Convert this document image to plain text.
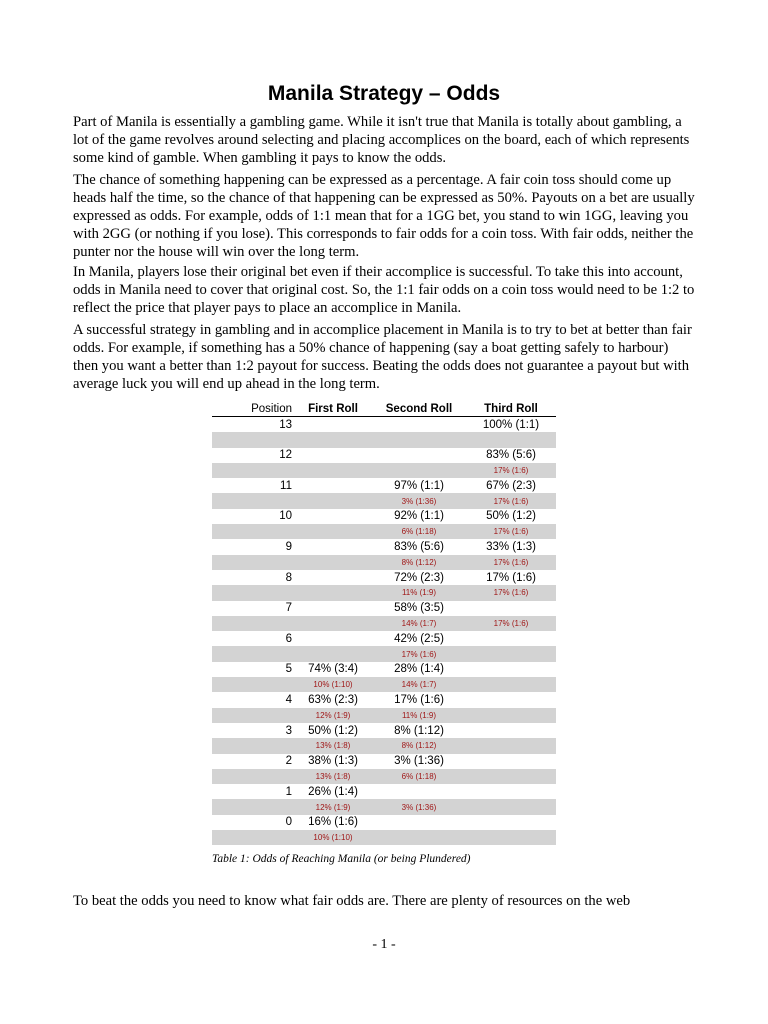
Manila Strategy – Odds

Part of Manila is essentially a gambling game. While it isn't true that Manila is totally about gambling, a lot of the game revolves around selecting and placing accomplices on the board, each of which represents some kind of gamble. When gambling it pays to know the odds.

The chance of something happening can be expressed as a percentage. A fair coin toss should come up heads half the time, so the chance of that happening can be expressed as 50%. Payouts on a bet are usually expressed as odds. For example, odds of 1:1 mean that for a 1GG bet, you stand to win 1GG, leaving you with 2GG (or nothing if you lose). This corresponds to fair odds for a coin toss. With fair odds, neither the punter nor the house will win over the long term.

In Manila, players lose their original bet even if their accomplice is successful. To take this into account, odds in Manila need to cover that original cost. So, the 1:1 fair odds on a coin toss would need to be 1:2 to reflect the price that player pays to place an accomplice in Manila.

A successful strategy in gambling and in accomplice placement in Manila is to try to bet at better than fair odds. For example, if something has a 50% chance of happening (say a boat getting safely to harbour) then you want a better than 1:2 payout for success. Beating the odds does not guarantee a payout but with average luck you will end up ahead in the long term.

Position	First Roll	Second Roll	Third Roll
13			100% (1:1)

12			83% (5:6)
			17% (1:6)
11		97% (1:1)	67% (2:3)
		3% (1:36)	17% (1:6)
10		92% (1:1)	50% (1:2)
		6% (1:18)	17% (1:6)
9		83% (5:6)	33% (1:3)
		8% (1:12)	17% (1:6)
8		72% (2:3)	17% (1:6)
		11% (1:9)	17% (1:6)
7		58% (3:5)	
		14% (1:7)	17% (1:6)
6		42% (2:5)	
		17% (1:6)	
5	74% (3:4)	28% (1:4)	
	10% (1:10)	14% (1:7)	
4	63% (2:3)	17% (1:6)	
	12% (1:9)	11% (1:9)	
3	50% (1:2)	8% (1:12)	
	13% (1:8)	8% (1:12)	
2	38% (1:3)	3% (1:36)	
	13% (1:8)	6% (1:18)	
1	26% (1:4)		
	12% (1:9)	3% (1:36)	
0	16% (1:6)		
	10% (1:10)		

Table 1: Odds of Reaching Manila (or being Plundered)

To beat the odds you need to know what fair odds are. There are plenty of resources on the web

- 1 -
